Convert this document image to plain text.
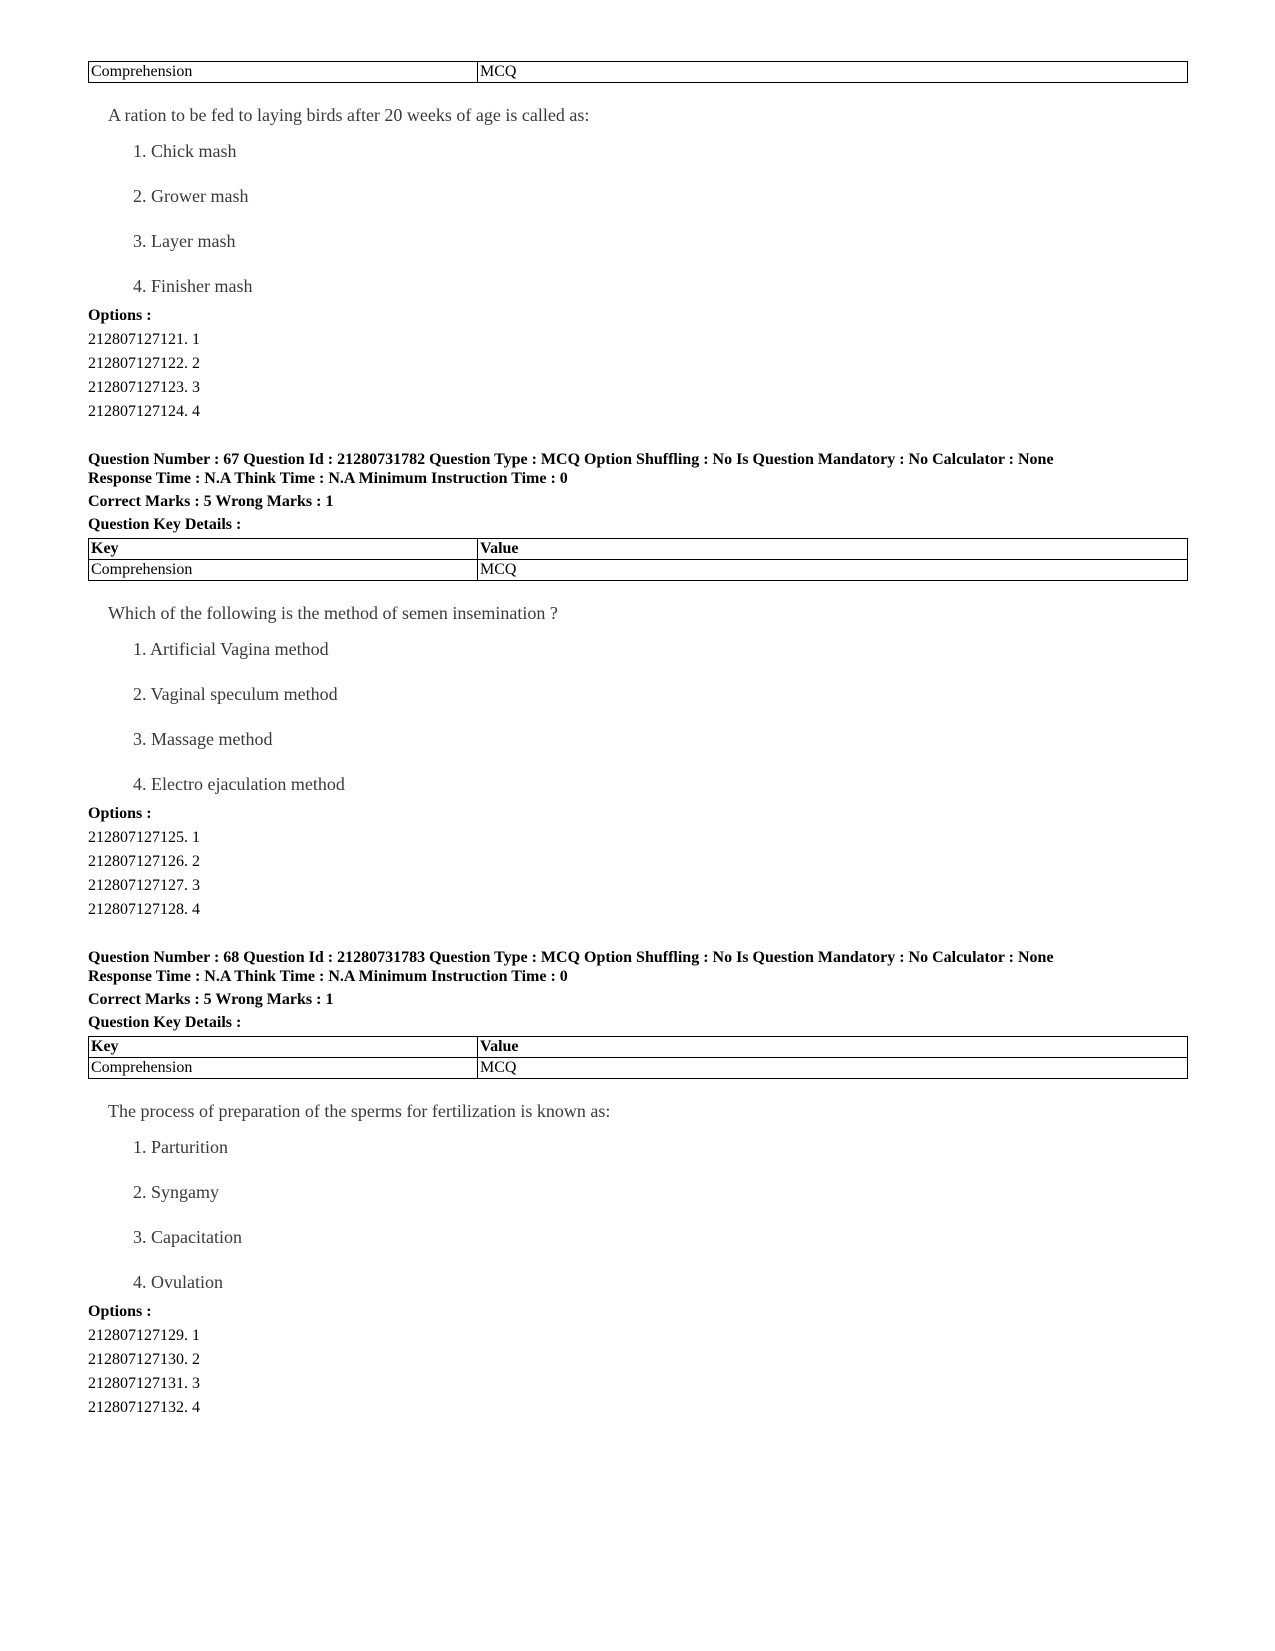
Comprehension	MCQ
A ration to be fed to laying birds after 20 weeks of age is called as:
1. Chick mash
2. Grower mash
3. Layer mash
4. Finisher mash
Options :
212807127121. 1
212807127122. 2
212807127123. 3
212807127124. 4
Question Number : 67 Question Id : 21280731782 Question Type : MCQ Option Shuffling : No Is Question Mandatory : No Calculator : None
Response Time : N.A Think Time : N.A Minimum Instruction Time : 0
Correct Marks : 5 Wrong Marks : 1
Question Key Details :
Key	Value
Comprehension	MCQ
Which of the following is the method of semen insemination ?
1. Artificial Vagina method
2. Vaginal speculum method
3. Massage method
4. Electro ejaculation method
Options :
212807127125. 1
212807127126. 2
212807127127. 3
212807127128. 4
Question Number : 68 Question Id : 21280731783 Question Type : MCQ Option Shuffling : No Is Question Mandatory : No Calculator : None
Response Time : N.A Think Time : N.A Minimum Instruction Time : 0
Correct Marks : 5 Wrong Marks : 1
Question Key Details :
Key	Value
Comprehension	MCQ
The process of preparation of the sperms for fertilization is known as:
1. Parturition
2. Syngamy
3. Capacitation
4. Ovulation
Options :
212807127129. 1
212807127130. 2
212807127131. 3
212807127132. 4
